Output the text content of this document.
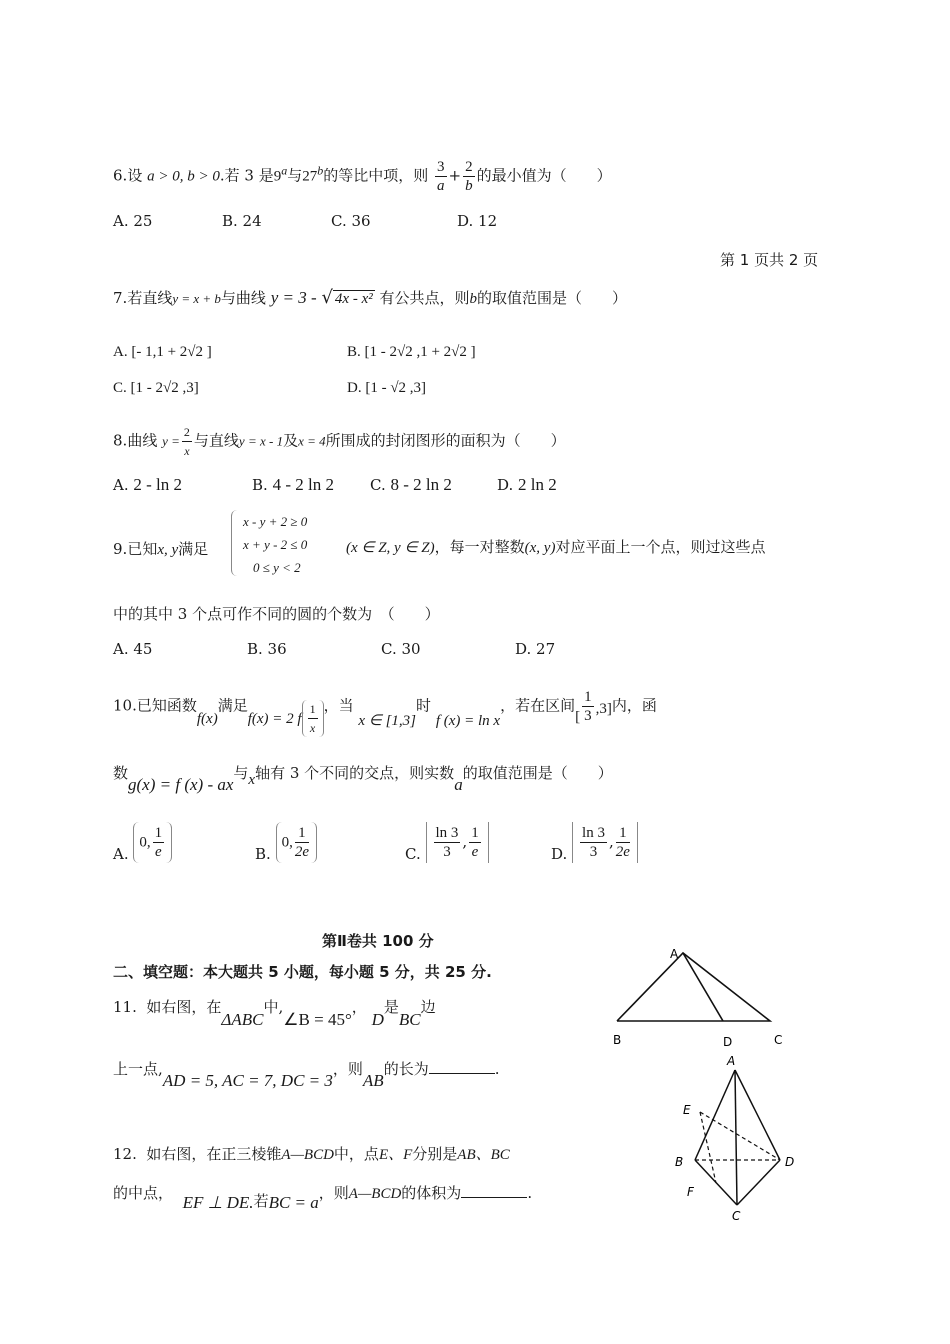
6.设 a > 0, b > 0.若 3 是9$^a$与27$^b$的等比中项，则 $\frac{3}{a} + \frac{2}{b}$ 的最小值为（　　）
A. 25	B. 24	C. 36	D. 12
第 1 页共 2 页
7.若直线y = x + b与曲线 y = 3 - √ 4x - x² 有公共点，则b的取值范围是（　　）
A. [- 1,1 + 2√2 ]	B. [1 - 2√2 ,1 + 2√2 ]
C. [1 - 2√2 ,3]	D. [1 - √2 ,3]
8.曲线 $y = \frac{2}{x}$ 与直线y = x - 1及x = 4所围成的封闭图形的面积为（　　）
A. 2 - ln 2	B. 4 - 2 ln 2 C. 8 - 2 ln 2	D. 2 ln 2
9.已知x, y满足
x - y + 2 ≥ 0
x + y - 2 ≤ 0
0 ≤ y < 2
(x ∈ Z, y ∈ Z)，每一对整数(x, y)对应平面上一个点，则过这些点
中的其中 3 个点可作不同的圆的个数为　（　　）
A. 45	B. 36	C. 30	D. 27
10.已知函数f(x)满足f(x) = 2 f $\frac{1}{x}$ ，当 x ∈ [1,3]时 f (x) = ln x，若在区间[ $\frac{1}{3} ,3$]内，函
数g(x) = f (x) - ax与x轴有 3 个不同的交点，则实数a的取值范围是（　　）
A. 0, $\frac{1}{e}$	B. 0, $\frac{1}{2e}$	C. $\frac{\ln 3}{3}$ , $\frac{1}{e}$	D. $\frac{\ln 3}{3}$ , $\frac{1}{2e}$
第Ⅱ卷共 100 分
二、填空题：本大题共 5 小题，每小题 5 分，共 25 分.
11. 如右图，在ΔABC中,∠B = 45°， D是BC边
上一点,AD = 5, AC = 7, DC = 3，则AB的长为	.
12. 如右图，在正三棱锥A—BCD中，点E、F分别是AB、BC
的中点， EF ⊥ DE.若BC = a，则A—BCD的体积为	.
A
B	D	C
A
E
B	D
F
C
